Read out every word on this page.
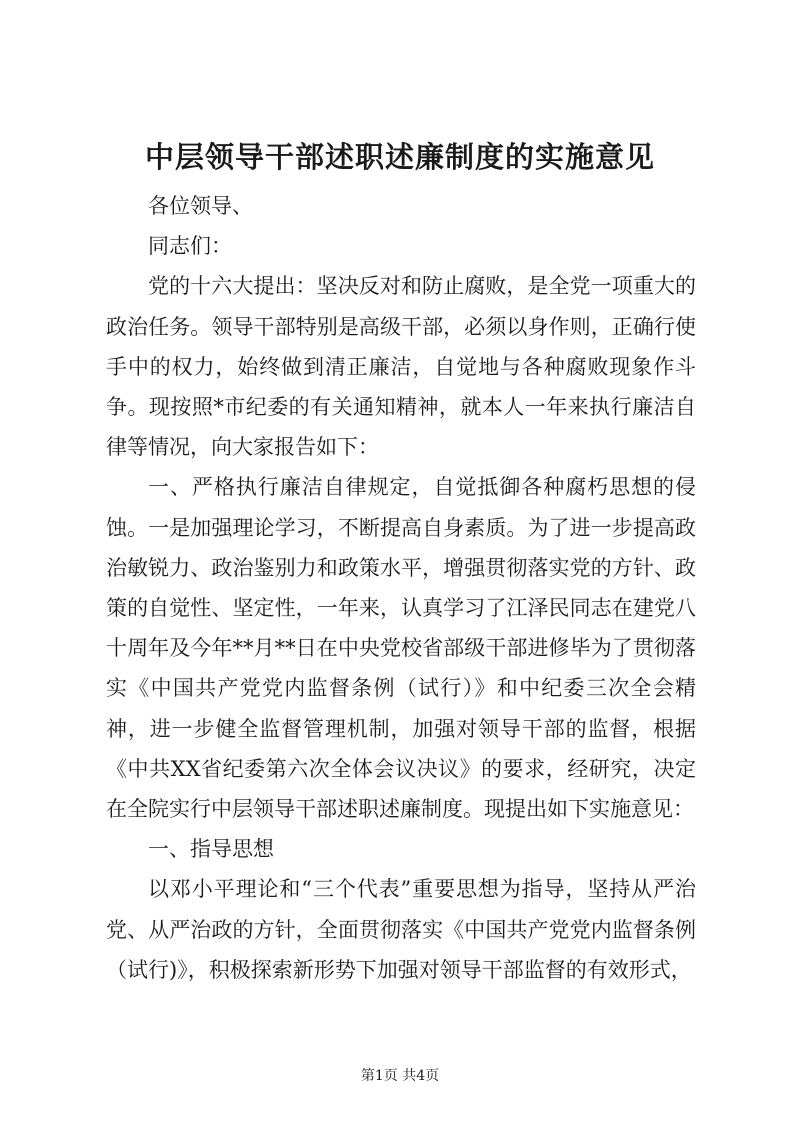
中层领导干部述职述廉制度的实施意见

各位领导、

同志们：

党的十六大提出：坚决反对和防止腐败，是全党一项重大的政治任务。领导干部特别是高级干部，必须以身作则，正确行使手中的权力，始终做到清正廉洁，自觉地与各种腐败现象作斗争。现按照*市纪委的有关通知精神，就本人一年来执行廉洁自律等情况，向大家报告如下：

一、严格执行廉洁自律规定，自觉抵御各种腐朽思想的侵蚀。一是加强理论学习，不断提高自身素质。为了进一步提高政治敏锐力、政治鉴别力和政策水平，增强贯彻落实党的方针、政策的自觉性、坚定性，一年来，认真学习了江泽民同志在建党八十周年及今年**月**日在中央党校省部级干部进修毕为了贯彻落实《中国共产党党内监督条例（试行）》和中纪委三次全会精神，进一步健全监督管理机制，加强对领导干部的监督，根据《中共XX省纪委第六次全体会议决议》的要求，经研究，决定在全院实行中层领导干部述职述廉制度。现提出如下实施意见：

一、指导思想

以邓小平理论和“三个代表”重要思想为指导，坚持从严治党、从严治政的方针，全面贯彻落实《中国共产党党内监督条例（试行)》，积极探索新形势下加强对领导干部监督的有效形式，

第1页 共4页
